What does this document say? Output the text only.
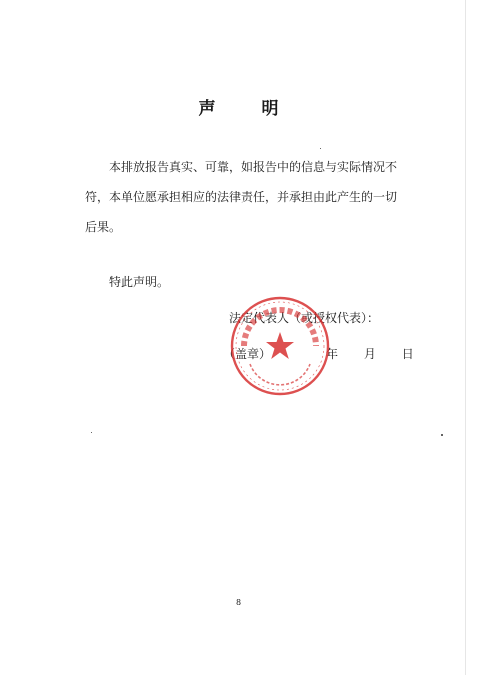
声 明
本排放报告真实、可靠，如报告中的信息与实际情况不
符，本单位愿承担相应的法律责任，并承担由此产生的一切
后果。
特此声明。
法定代表人（或授权代表）：
（盖章）	年 月 日
8
